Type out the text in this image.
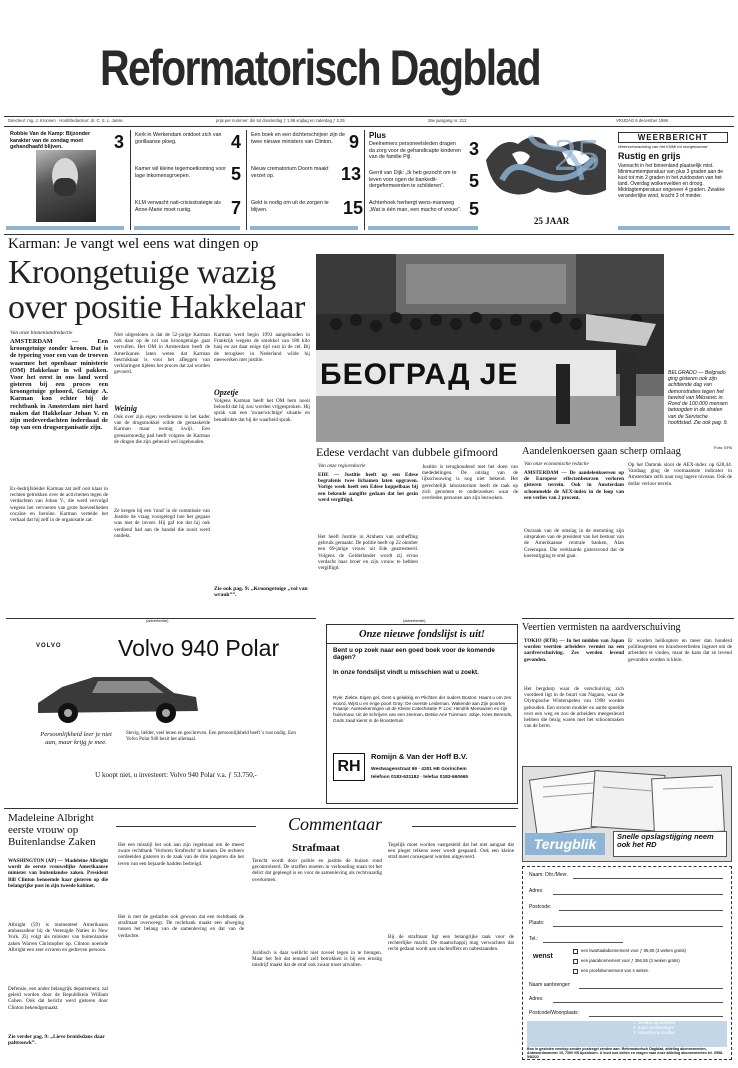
Reformatorisch Dagblad
Directeur: mg. J. Kroonen · Hoofdredacteur: dr. C. S. L. Janse	prijs per nummer: din tot donderdag ƒ 1,95 vrijdag en zaterdag ƒ 2,25	26e jaargang nr. 212	VRIJDAG 6 december 1996
Robbie Van de Kamp: Bijzonder karakter van de zondag moet gehandhaafd blijven.	3 Kerk in Werkendam ontdoet zich van gorillaanse ploeg.	4
Kamer wil kleine tegemoetkoming voor lage inkomensgroepen.	5
KLM verwacht nati-crisisstrategie als Anne-Marie moet rustig.	7
Een boek en een dichterschrijver zijn de twee nieuwe ministers van Clinton. 9
Nieuw crematorium Doorn maakt verzet op.	13
Geld is nodig om uit de zorgen te blijven.	15
Plus
Deelnemers personeelsleden dragen da zorg voor de gehandicapte kinderen van de familie Pijl.	3
Gerrit van Dijk: „Ik heb gezocht om te leven voor ogen de bankedit-dergeformeerden te schilderen”.	5
Achterhoek herbergt wens-marsweg „Wat is één man, een macho of vrouw”. 5
25
25 JAAR
WEERBERICHT
Weersverwachting van het KNMI tot morgenavond
Rustig en grijs
Vannacht in het binnenland plaatselijk mist. Minimumtemperatuur van plus 3 graden aan de kust tot min 2 graden in het zuidoosten van het land. Overdag wolkenvelden en droog. Middagtemperatuur ongeveer 4 graden. Zwakke veranderlijke wind, kracht 3 of minder.
Karman: Je vangt wel eens wat dingen op
Kroongetuige wazig over positie Hakkelaar
Van onze binnenlandredactie
AMSTERDAM — Een kroongetuige zonder kroon. Dat is de typering voor een van de troeven waarmee het openbaar ministerie (OM) Hakkelaar in wil pakken. Voor het eerst in ons land werd gisteren bij een proces een kroongetuige gehoord, Getuige A. Karman kon echter bij de rechtbank in Amsterdam niet hard maken dat Hakkelaar Johan V. en zijn medeverdachten inderdaad de top van een drugsorganisatie zijn.
Ex-bedrijfsleider Karman zat zelf ooit klaar in rechten getrokken over de activiteiten tegen de verdachten van Johan V., die werd vervolgd wegens het vervoeren van grote hoeveelheden cocaïne en heroïne. Karman vertelde het verhaal dat hij zelf in de organisatie zat.
Niet uitgesloten is dat de 52-jarige Karman ook daar op de rol van kroongetuige gaat vervullen. Het OM in Amsterdam heeft de Amerikanen laten weten dat Karman beschikbaar is voor het afleggen van verklaringen tijdens het proces dat zal worden gevoerd.
Weinig
Ook over zijn eigen verdiensten in het kader van de drugsmokkel wilde de gemaskerde Karman maar weinig kwijt. Een grensarmoedig pad heeft volgens de Karman de dingen die zijn gebeurd wel ingehouden.
Ze kregen bij een 'rond' in de commissie van Justitie de vraag voorgelegd hoe het gegaan was met de invoer. Hij gaf toe dat hij ook verdiend had aan de handel die nooit werd ontdekt.
Karman werd begin 1993 aangehouden in Frankrijk wegens de smokkel van 180 kilo hasj en zat daar enige tijd vast in de cel. Bij de terugkeer in Nederland wilde hij meewerken met justitie.
Opzetje
Volgens Karman heeft het OM hem nooit beloofd dat hij zou worden vrijgesproken. Hij sprak van een 'zwaarwichtige' situatie en benadrukte dat hij de waarheid sprak.
Zie ook pag. 9: „Kroongetuige „vol van wrauk””.
БЕОГРАД ЈЕ	BELGRADO — Belgrado ging gisteren ook zijn achttiende dag van demonstraties tegen het bewind van Milosevic in. Rond de 100.000 mensen betoogden in de straten van de Servische hoofdstad. Zie ook pag. 9.
Foto: EPA
Edese verdacht van dubbele gifmoord
Van onze regioredactie
EDE — Justitie heeft op een Edese begrafenis twee lichamen laten opgraven. Vorige week heeft een Edese koppelbaas bij een bekende aangifte gedaan dat het gezin werd vergiftigd.
Het heeft Justitie in Arnhem van ontheffing gebruik gemaakt. De politie heeft op 22 oktober een 69-jarige vrouw uit Ede gearresteerd. Volgens de Gelderlander wordt zij ervan verdacht haar broer en zijn vrouw te hebben vergiftigd.
Justitie is terughoudend met het doen van mededelingen. De uitslag van de lijkschouwing is nog niet bekend. Het gerechtelijk laboratorium heeft de taak op zich genomen te onderzoeken waar de overleden personen aan zijn bezweken.
Aandelenkoersen gaan scherp omlaag
Van onze economische redactie
AMSTERDAM — De aandelenkoersen op de Europese effectenbeurzen verloren gisteren terrein. Ook in Amsterdam schommelde de AEX-index in de loop van een verlies van 2 procent.
Oorzaak van de omslag in de stemming zijn uitspraken van de president van het bestuur van de Amerikaanse centrale banken, Alan Greenspan. Die verklaarde gisteravond dat de koersstijging te snel gaat.
Op het Damrak sloot de AEX-index op 628,44. Vandaag ging de voornaamste indicator in Amsterdam zelfs naar nog lagere niveaus. Ook de dollar verloor terrein.
(advertentie)
VOLVO Volvo 940 Polar
Persoonlijkheid leer je niet aan, maar krijg je mee.
Stevig, helder, veel lenen en geschreven. Een persoonlijkheid heeft 's rust nodig. Een Volvo Polar 940 bezit het allemaal.
U koopt niet, u investeert: Volvo 940 Polar v.a. ƒ 53.750,-
(advertentie)
Onze nieuwe fondslijst is uit!
Bent u op zoek naar een goed boek voor de komende dagen?
In onze fondslijst vindt u misschien wat u zoekt.
Ryle: Ziekte, Eigen gel, Gent u gelukkig en Plichten der ouders Boston: Haant u om zen woord, Wijst u en enge poort Gray: De overste Leideman, Wakende aan Zijn poorten Fraanje: Aanteekeningen uit de Kleine Catechisatie P. Los: Hendrik Meeuwsen en zijn huisvrouw, Uit de schrijven van een zeeman, Betsie Arie Tuinman: Jobje, Kees Berends, Gods zaad kiemt in de kloostertuin
RH
Romijn & Van der Hoff B.V.
Westwagenstraat 69 · 4201 HE Gorinchem
telefoon 0183-631182 · telefax 0183-660665
Veertien vermisten na aardverschuiving
TOKIO (RTR) — In het midden van Japan worden veertien arbeiders vermist na een aardverschuiving. Zes werden levend gevonden.
Het bergdorp waar de verschuiving zich voordeed ligt in de buurt van Nagano, waar de Olympische Winterspelen van 1998 worden gehouden. Een stroom modder en aarde spoelde over een weg en zou de arbeiders meegesleurd hebben die bezig waren met het schoonmaken van de berm.
Er worden helikopters en meer dan honderd politieagenten en brandweerlieden ingezet om de arbeiders te vinden, maar de kans dat ze levend gevonden worden is klein.
Terugblik	Snelle opslagstijging neem ook het RD
Naam: Dhr./Mevr.
Adres:
Postcode:
Plaats:
Tel.:
wenst
een kwartaalabonnement voor ƒ 95,85 (3 weken gratis)
een jaarabonnement voor ƒ 356,55 (3 weken gratis)
een proefabonnement van 4 weken
Naam aanbrenger:
Adres:
Postcode/Woonplaats:
1. Invullen op voorkant
2. Kaart overhandigen
3. Adresstrook invullen
Bon in gesloten envelop zonder postzegel zenden aan: Reformatorisch Dagblad, afdeling abonnementen, Antwoordnummer 10, 7300 VB Apeldoorn. U kunt ook bellen en vragen naar onze afdeling abonnementen tel. 0558-546222
Madeleine Albright eerste vrouw op Buitenlandse Zaken
WASHINGTON (AP) — Madeleine Albright wordt de eerste vrouwelijke Amerikaanse minister van buitenlandse zaken. President Bill Clinton benoemde haar gisteren op die belangrijke post in zijn tweede kabinet.
Albright (59) is momenteel Amerikaans ambassadeur bij de Verenigde Naties in New York. Zij volgt als minister van buitenlandse zaken Warren Christopher op. Clinton noemde Albright een zeer ervaren en gedreven persoon.
Defensie, een ander belangrijk departement, zal geleid worden door de Republikein William Cohen. Ook dat bericht werd gisteren door Clinton bekendgemaakt.
Zie verder pag. 9: „Lieve bruidsdans daar paltrouwk”.
Commentaar
Het een misstijl het ook aan zijn regelmaat om de meest zware rechtbank 'Verloren Strafrecht' te komen. De rechters oordeelden gisteren in de zaak van de drie jongeren die het leven van een bejaarde hadden bedreigd.
Het is met de gedachte ook gewoon dat een rechtbank de strafmaat overweegt. De rechtbank maakt een afweging tussen het belang van de samenleving en dat van de verdachte.
Strafmaat
Terecht wordt door politie en justitie de buizen rond gecontroleerd. De straffen moeten in verhouding staan tot het delict dat gepleegd is en voor de samenleving als rechtvaardig overkomen.
Juridisch is daar wellicht niet zoveel tegen in te brengen. Maar het feit dat iemand zelf betrokken is bij een ernstig misdrijf maakt dat de straf ook zwaar moet uitvallen.
Tegelijk moet worden vastgesteld dat het niet aangaat dat een pleger telkens weer wordt gespaard. Ook een kleine straf moet consequent worden uitgevoerd.
Bij de strafmaat ligt een belangrijke taak voor de rechterlijke macht. De maatschappij mag verwachten dat recht gedaan wordt aan slachtoffers en nabestaanden.
